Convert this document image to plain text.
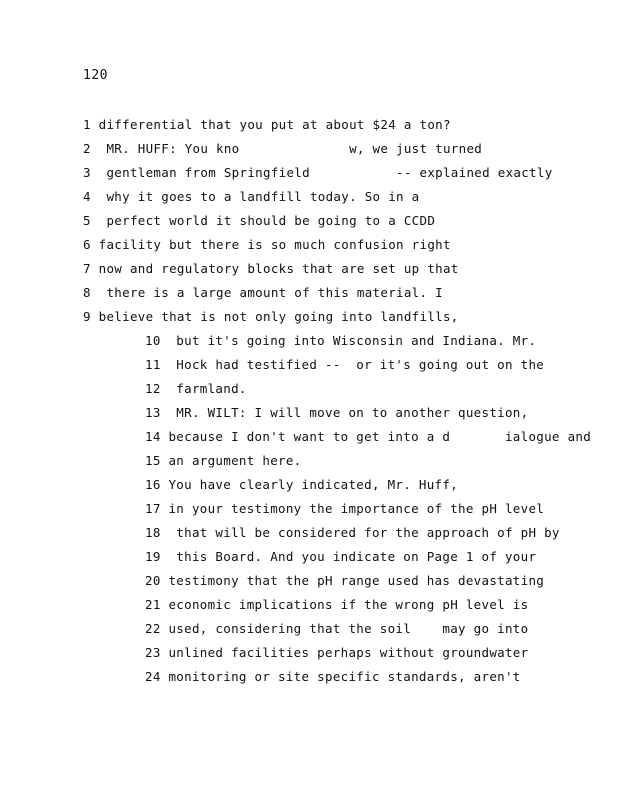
120
1 differential that you put at about $24 a ton?
2  MR. HUFF: You kno              w, we just turned
3  gentleman from Springfield           -- explained exactly
4  why it goes to a landfill today. So in a
5  perfect world it should be going to a CCDD
6 facility but there is so much confusion right
7 now and regulatory blocks that are set up that
8  there is a large amount of this material. I
9 believe that is not only going into landfills,
10  but it's going into Wisconsin and Indiana. Mr.
11  Hock had testified --  or it's going out on the
12  farmland.
13  MR. WILT: I will move on to another question,
14 because I don't want to get into a d       ialogue and
15 an argument here.
16 You have clearly indicated, Mr. Huff,
17 in your testimony the importance of the pH level
18  that will be considered for the approach of pH by
19  this Board. And you indicate on Page 1 of your
20 testimony that the pH range used has devastating
21 economic implications if the wrong pH level is
22 used, considering that the soil    may go into
23 unlined facilities perhaps without groundwater
24 monitoring or site specific standards, aren't
